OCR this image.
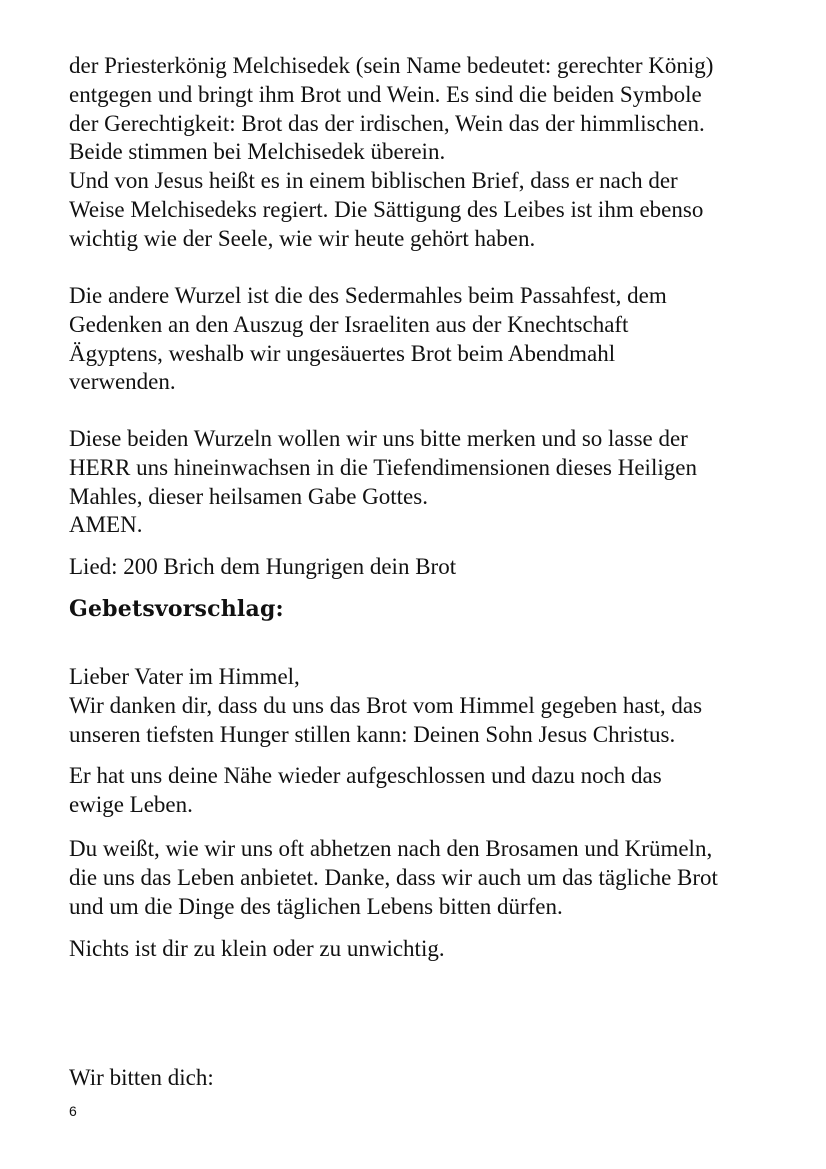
der Priesterkönig Melchisedek (sein Name bedeutet: gerechter König)
entgegen und bringt ihm Brot und Wein. Es sind die beiden Symbole
der Gerechtigkeit: Brot das der irdischen, Wein das der himmlischen.
Beide stimmen bei Melchisedek überein.
Und von Jesus heißt es in einem biblischen Brief, dass er nach der
Weise Melchisedeks regiert. Die Sättigung des Leibes ist ihm ebenso
wichtig wie der Seele, wie wir heute gehört haben.
Die andere Wurzel ist die des Sedermahles beim Passahfest, dem
Gedenken an den Auszug der Israeliten aus der Knechtschaft
Ägyptens, weshalb wir ungesäuertes Brot beim Abendmahl
verwenden.
Diese beiden Wurzeln wollen wir uns bitte merken und so lasse der
HERR uns hineinwachsen in die Tiefendimensionen dieses Heiligen
Mahles, dieser heilsamen Gabe Gottes.
AMEN.
Lied: 200 Brich dem Hungrigen dein Brot
Gebetsvorschlag:
Lieber Vater im Himmel,
Wir danken dir, dass du uns das Brot vom Himmel gegeben hast, das
unseren tiefsten Hunger stillen kann: Deinen Sohn Jesus Christus.
Er hat uns deine Nähe wieder aufgeschlossen und dazu noch das
ewige Leben.
Du weißt, wie wir uns oft abhetzen nach den Brosamen und Krümeln,
die uns das Leben anbietet. Danke, dass wir auch um das tägliche Brot
und um die Dinge des täglichen Lebens bitten dürfen.
Nichts ist dir zu klein oder zu unwichtig.
Wir bitten dich:
6
